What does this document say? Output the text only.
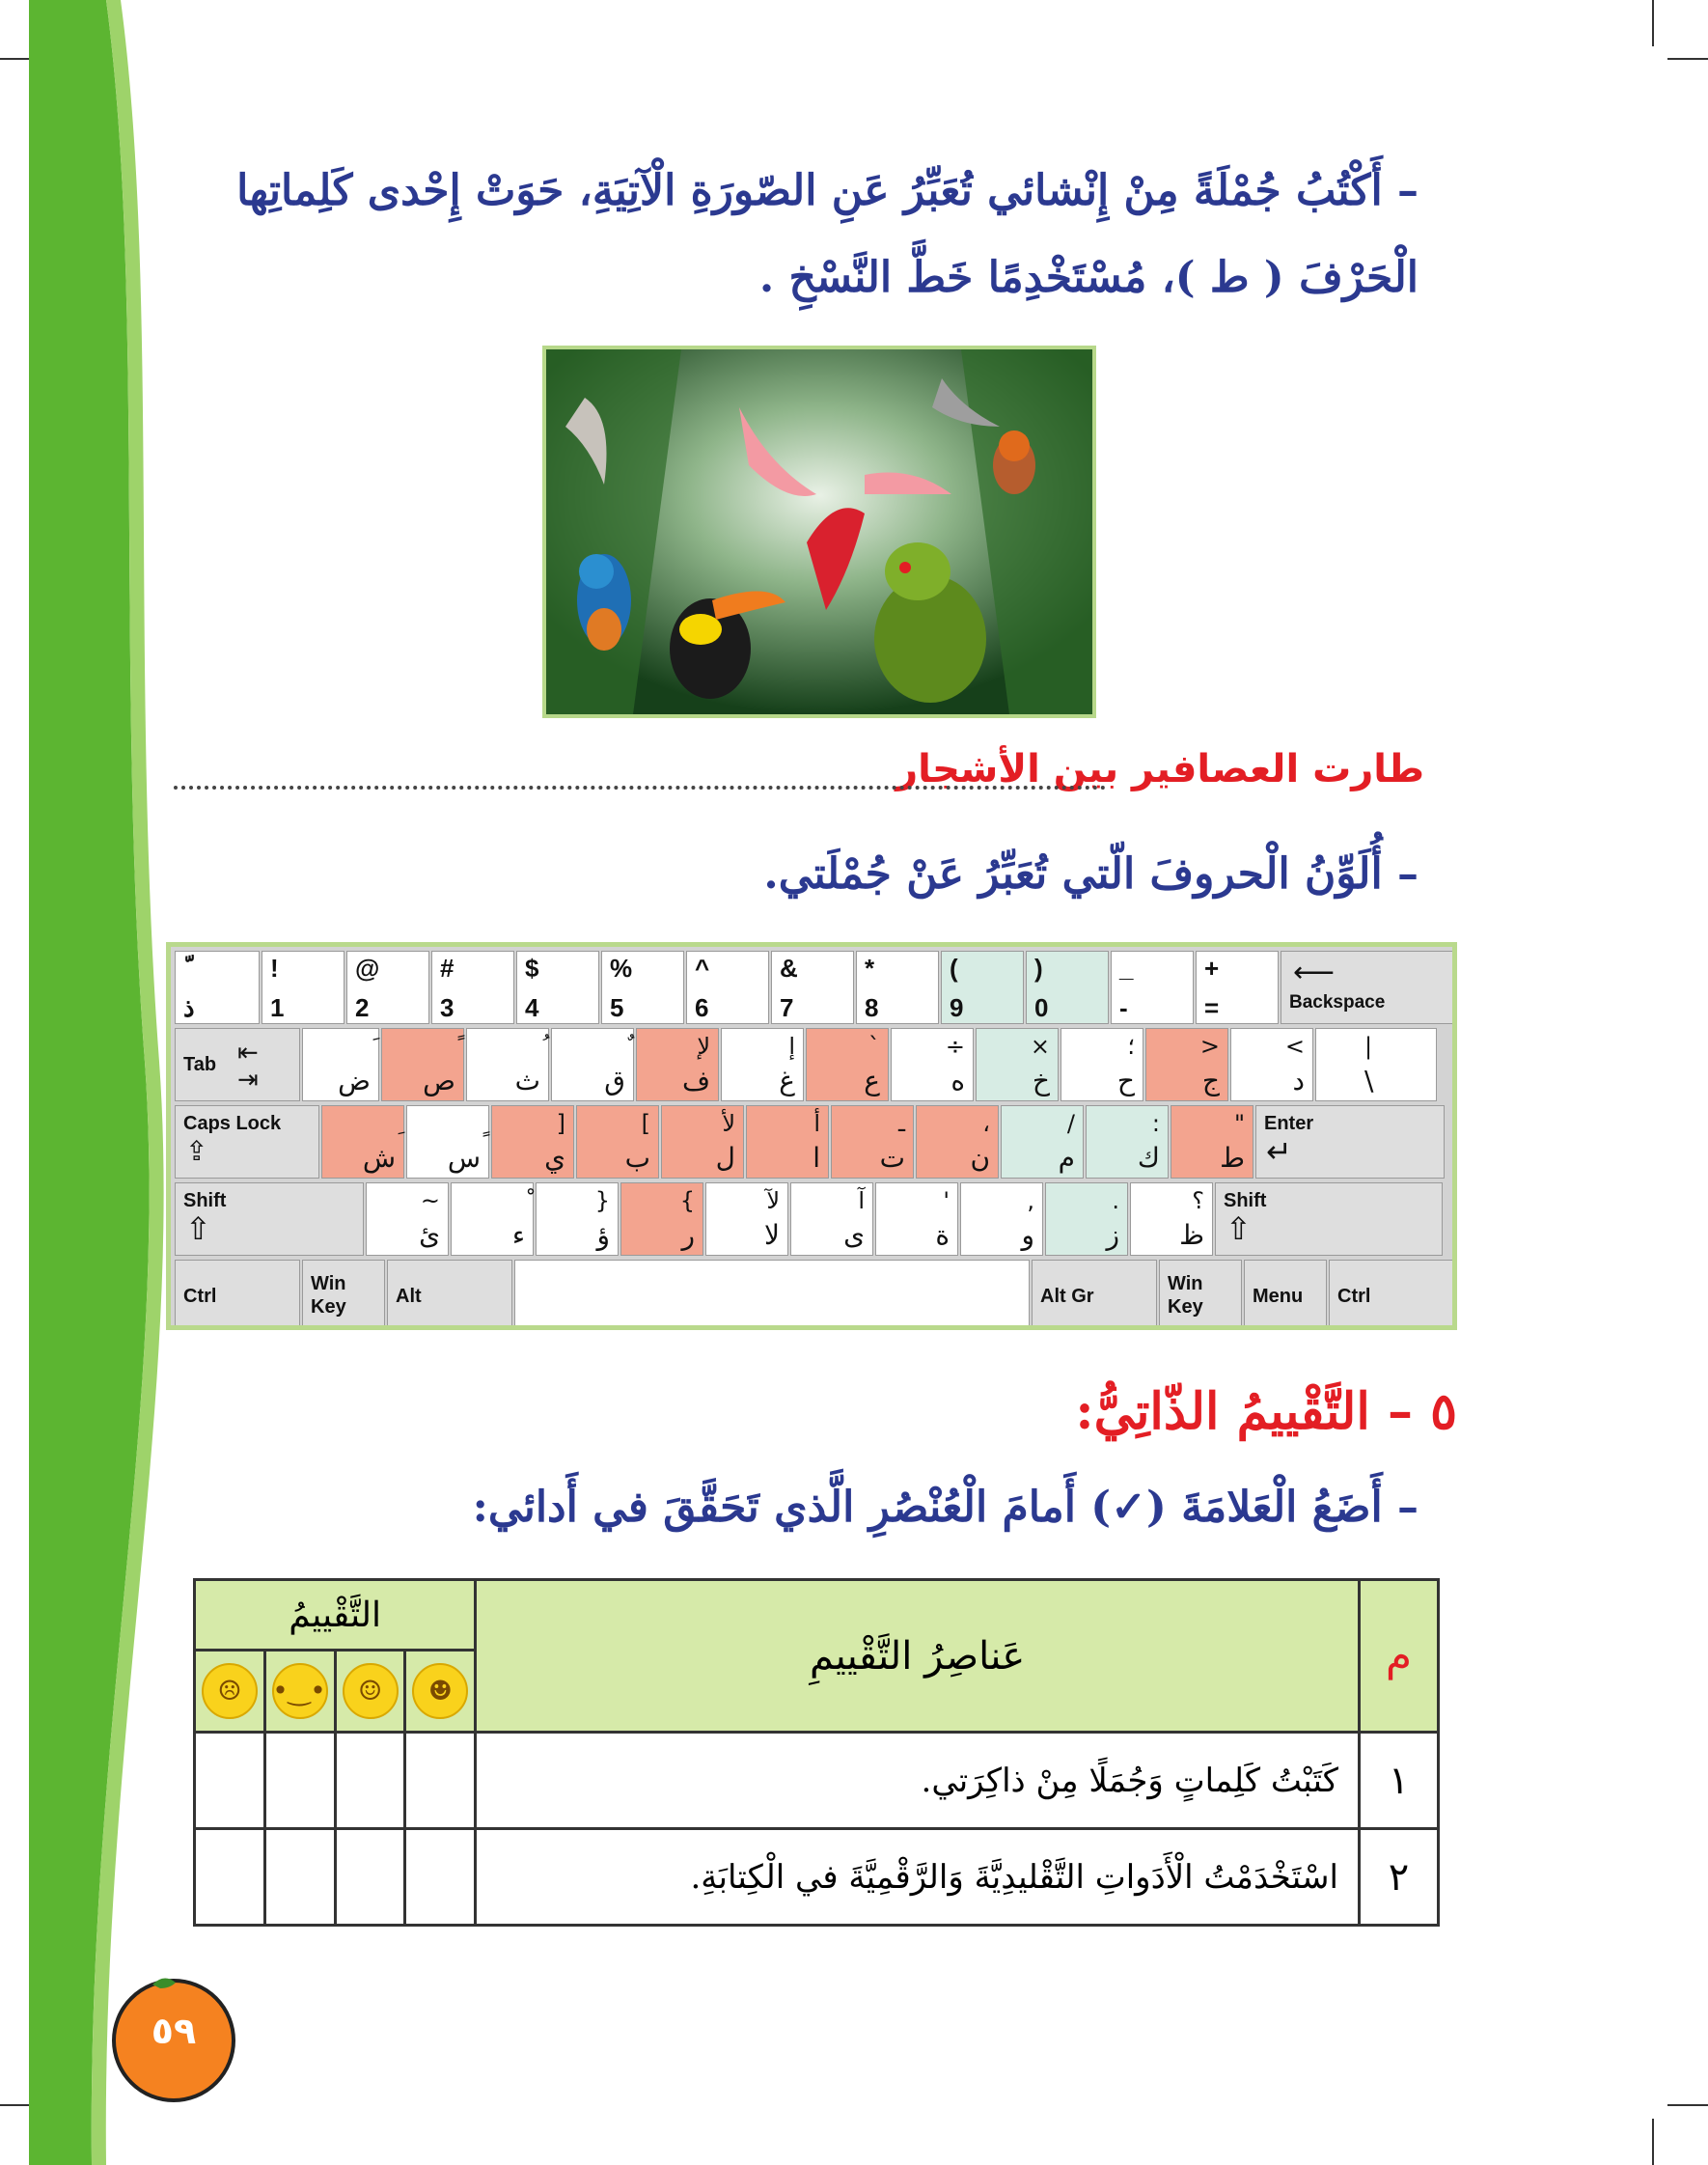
– أَكْتُبُ جُمْلَةً مِنْ إِنْشائي تُعَبِّرُ عَنِ الصّورَةِ الْآتِيَةِ، حَوَتْ إِحْدى كَلِماتِها
الْحَرْفَ ( ط )، مُسْتَخْدِمًا خَطَّ النَّسْخِ .
طارت العصافير بين الأشجار
– أُلَوِّنُ الْحروفَ الّتي تُعَبِّرُ عَنْ جُمْلَتي.
ذ
!
1
@
2
#
3
$
4
%
5
^
6
&
7
*
8
(
9
)
0
_
-
+
=
⟵
Backspace
Tab ⇤
⇥	ض ص ث ق
لإ
ف
إ
غ
`
ع
÷
ه
×
خ
؛
ح
>
ج
<
د
|
\
Caps Lock
⇪	ش س
]
ي
[
ب
لأ
ل
أ
ا
ـ
ت
،
ن
/
م
:
ك
"
ط
Enter
↵
Shift
⇧
~
ئ	ء
}
ؤ
{
ر
لآ
لا
آ
ى
'
ة
,
و
.
ز
؟
ظ
Shift
⇧
Ctrl
Win Key	Alt	Alt Gr
Win Key	Menu Ctrl
٥ – التَّقْييمُ الذّاتِيُّ:
– أَضَعُ الْعَلامَةَ (✓) أَمامَ الْعُنْصُرِ الَّذي تَحَقَّقَ في أَدائي:
م	عَناصِرُ التَّقْييمِ	التَّقْييمُ			
		☻	☺	•‿•	☹
١	كَتَبْتُ كَلِماتٍ وَجُمَلًا مِنْ ذاكِرَتي.				
٢	اسْتَخْدَمْتُ الْأَدَواتِ التَّقْليدِيَّةَ وَالرَّقْمِيَّةَ في الْكِتابَةِ.				
٥٩
